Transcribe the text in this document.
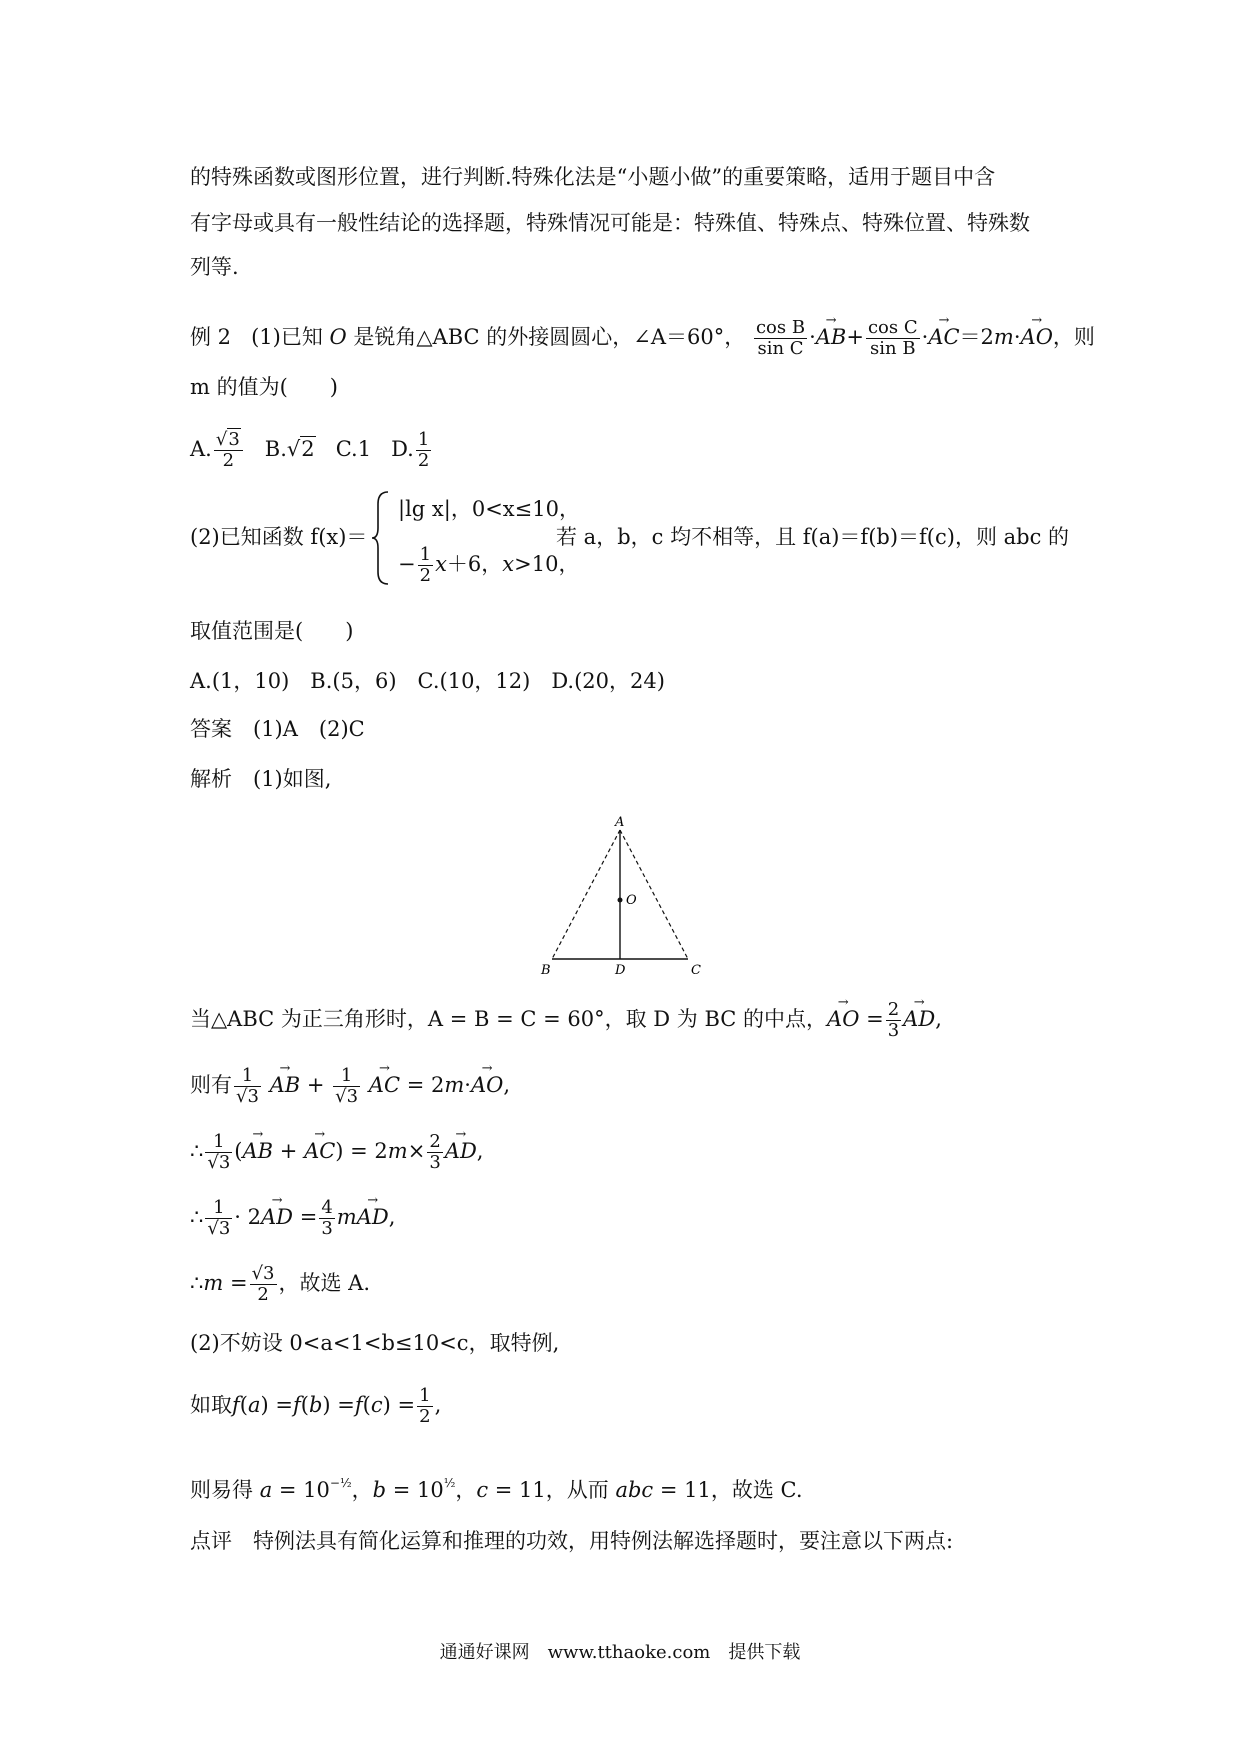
的特殊函数或图形位置，进行判断.特殊化法是“小题小做”的重要策略，适用于题目中含
有字母或具有一般性结论的选择题，特殊情况可能是：特殊值、特殊点、特殊位置、特殊数
列等.
例 2 (1)已知 O 是锐角△ABC 的外接圆圆心，∠A＝60°， $\frac{\text{cos B}}{\text{sin C}} \cdot\to AB+ \frac{\text{cos C}}{\text{sin B}} \cdot\to AC=2m\cdot\to$ AO，则
m 的值为(　　)
A. $\frac{√3}{2} B.√2$   C.1   D. $\frac{1}{2}$
(2)已知函数 f(x)＝
|lg x|，0<x≤10，
− $\frac{1}{2} x+6$，x>10，
若 a，b，c 均不相等，且 f(a)＝f(b)＝f(c)，则 abc 的
取值范围是(　　)
A.(1，10)　B.(5，6)　C.(10，12)　D.(20，24)
答案　(1)A　(2)C
解析　(1)如图,
A
O
B	D	C
当△ABC 为正三角形时，A = B = C = 60°，取 D 为 BC 的中点，→ AO = $\frac{2}{3}$ → AD,
则有 $\frac{1}{√3}$ → AB + $\frac{1}{√3}$ → AC = 2m·→ AO,
∴ $\frac{1}{√3}$ (→ AB + → $AC) = 2m\times \frac{2}{3}$ → AD,
∴ $\frac{1}{√3} \cdot 2\to$ AD = $\frac{4}{3} m\to$ AD,
∴m = $\frac{√3}{2}$ ，故选 A.
(2)不妨设 0<a<1<b≤10<c，取特例,
如取$f(a) =f(b) =f(c) = \frac{1}{2}$ ,
则易得 $a = 10^{-\frac{1}{2}}$，$b = 10^{\frac{1}{2}}$，c = 11，从而 abc = 11，故选 C.
点评　特例法具有简化运算和推理的功效，用特例法解选择题时，要注意以下两点:
通通好课网　www.tthaoke.com　提供下载
